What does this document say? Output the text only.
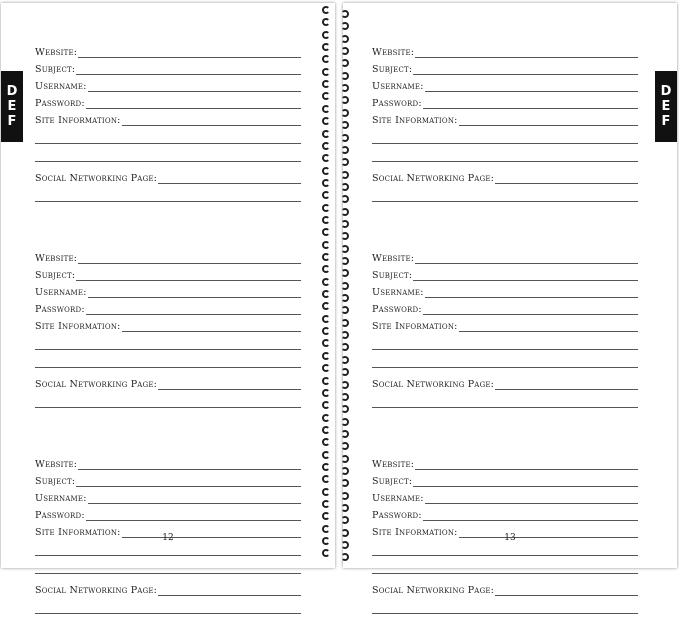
D
E
F
Website:
Subject:
Username:
Password:
Site Information:
Social Networking Page:
Website:
Subject:
Username:
Password:
Site Information:
Social Networking Page:
Website:
Subject:
Username:
Password:
Site Information:
Social Networking Page:
12
D
E
F
Website:
Subject:
Username:
Password:
Site Information:
Social Networking Page:
Website:
Subject:
Username:
Password:
Site Information:
Social Networking Page:
Website:
Subject:
Username:
Password:
Site Information:
Social Networking Page:
13
